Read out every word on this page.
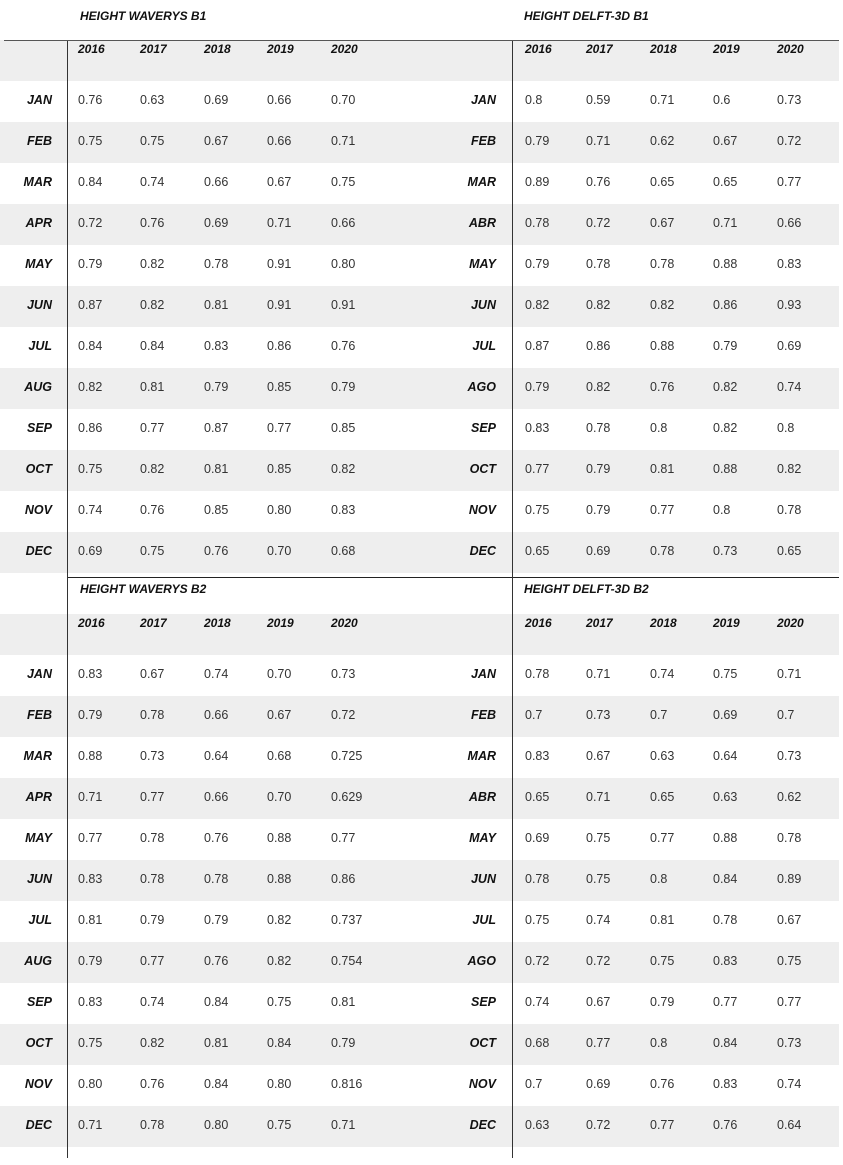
HEIGHT WAVERYS B1	HEIGHT DELFT-3D B1
HEIGHT WAVERYS B2	HEIGHT DELFT-3D B2
2016	2017	2018	2019	2020
JAN 0.76	0.63	0.69	0.66	0.70
FEB 0.75	0.75	0.67	0.66	0.71
MAR 0.84	0.74	0.66	0.67	0.75
APR 0.72	0.76	0.69	0.71	0.66
MAY 0.79	0.82	0.78	0.91	0.80
JUN 0.87	0.82	0.81	0.91	0.91
JUL 0.84	0.84	0.83	0.86	0.76
AUG 0.82	0.81	0.79	0.85	0.79
SEP 0.86	0.77	0.87	0.77	0.85
OCT 0.75	0.82	0.81	0.85	0.82
NOV 0.74	0.76	0.85	0.80	0.83
DEC 0.69	0.75	0.76	0.70	0.68
2016	2017	2018	2019	2020
JAN 0.8	0.59	0.71	0.6	0.73
FEB 0.79	0.71	0.62	0.67	0.72
MAR 0.89	0.76	0.65	0.65	0.77
ABR 0.78	0.72	0.67	0.71	0.66
MAY 0.79	0.78	0.78	0.88	0.83
JUN 0.82	0.82	0.82	0.86	0.93
JUL 0.87	0.86	0.88	0.79	0.69
AGO 0.79	0.82	0.76	0.82	0.74
SEP 0.83	0.78	0.8	0.82	0.8
OCT 0.77	0.79	0.81	0.88	0.82
NOV 0.75	0.79	0.77	0.8	0.78
DEC 0.65	0.69	0.78	0.73	0.65
2016	2017	2018	2019	2020
JAN 0.83	0.67	0.74	0.70	0.73
FEB 0.79	0.78	0.66	0.67	0.72
MAR 0.88	0.73	0.64	0.68	0.725
APR 0.71	0.77	0.66	0.70	0.629
MAY 0.77	0.78	0.76	0.88	0.77
JUN 0.83	0.78	0.78	0.88	0.86
JUL 0.81	0.79	0.79	0.82	0.737
AUG 0.79	0.77	0.76	0.82	0.754
SEP 0.83	0.74	0.84	0.75	0.81
OCT 0.75	0.82	0.81	0.84	0.79
NOV 0.80	0.76	0.84	0.80	0.816
DEC 0.71	0.78	0.80	0.75	0.71
2016	2017	2018	2019	2020
JAN 0.78	0.71	0.74	0.75	0.71
FEB 0.7	0.73	0.7	0.69	0.7
MAR 0.83	0.67	0.63	0.64	0.73
ABR 0.65	0.71	0.65	0.63	0.62
MAY 0.69	0.75	0.77	0.88	0.78
JUN 0.78	0.75	0.8	0.84	0.89
JUL 0.75	0.74	0.81	0.78	0.67
AGO 0.72	0.72	0.75	0.83	0.75
SEP 0.74	0.67	0.79	0.77	0.77
OCT 0.68	0.77	0.8	0.84	0.73
NOV 0.7	0.69	0.76	0.83	0.74
DEC 0.63	0.72	0.77	0.76	0.64
